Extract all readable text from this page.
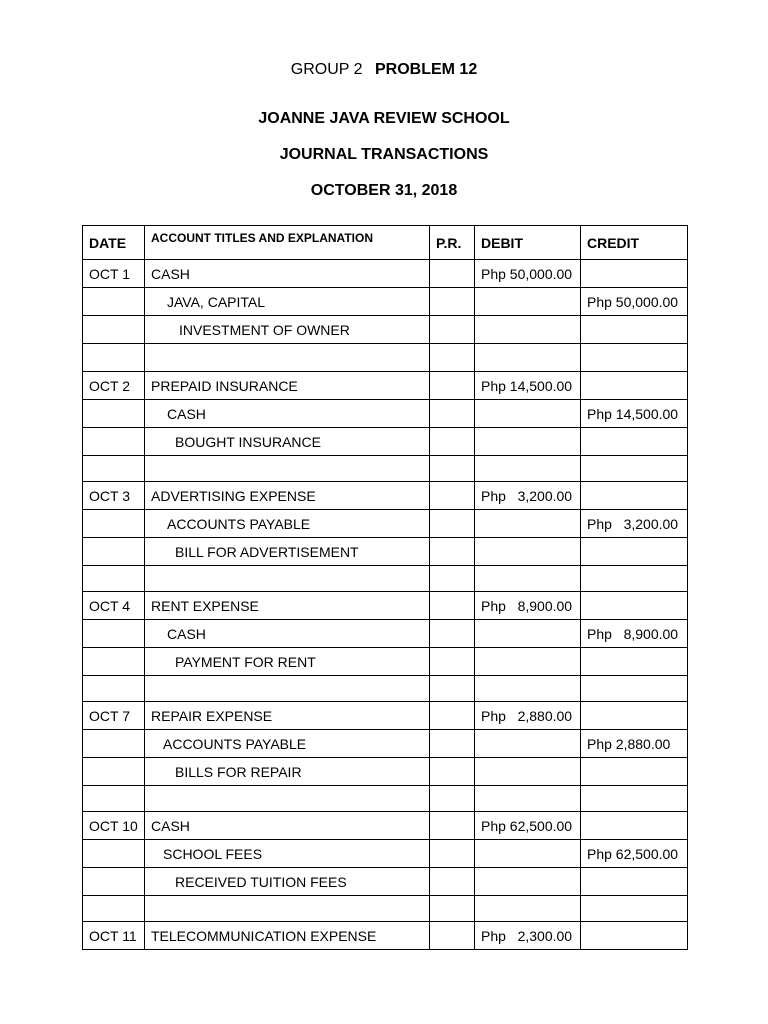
GROUP 2 PROBLEM 12
JOANNE JAVA REVIEW SCHOOL
JOURNAL TRANSACTIONS
OCTOBER 31, 2018
DATE	ACCOUNT TITLES AND EXPLANATION	P.R.	DEBIT	CREDIT
OCT 1	CASH		Php 50,000.00	
	JAVA, CAPITAL			Php 50,000.00
	INVESTMENT OF OWNER			

OCT 2	PREPAID INSURANCE		Php 14,500.00	
	CASH			Php 14,500.00
	BOUGHT INSURANCE			

OCT 3	ADVERTISING EXPENSE		Php   3,200.00	
	ACCOUNTS PAYABLE			Php   3,200.00
	BILL FOR ADVERTISEMENT			

OCT 4	RENT EXPENSE		Php   8,900.00	
	CASH			Php   8,900.00
	PAYMENT FOR RENT			

OCT 7	REPAIR EXPENSE		Php   2,880.00	
	ACCOUNTS PAYABLE			Php 2,880.00
	BILLS FOR REPAIR			

OCT 10	CASH		Php 62,500.00	
	SCHOOL FEES			Php 62,500.00
	RECEIVED TUITION FEES			

OCT 11	TELECOMMUNICATION EXPENSE		Php   2,300.00	
